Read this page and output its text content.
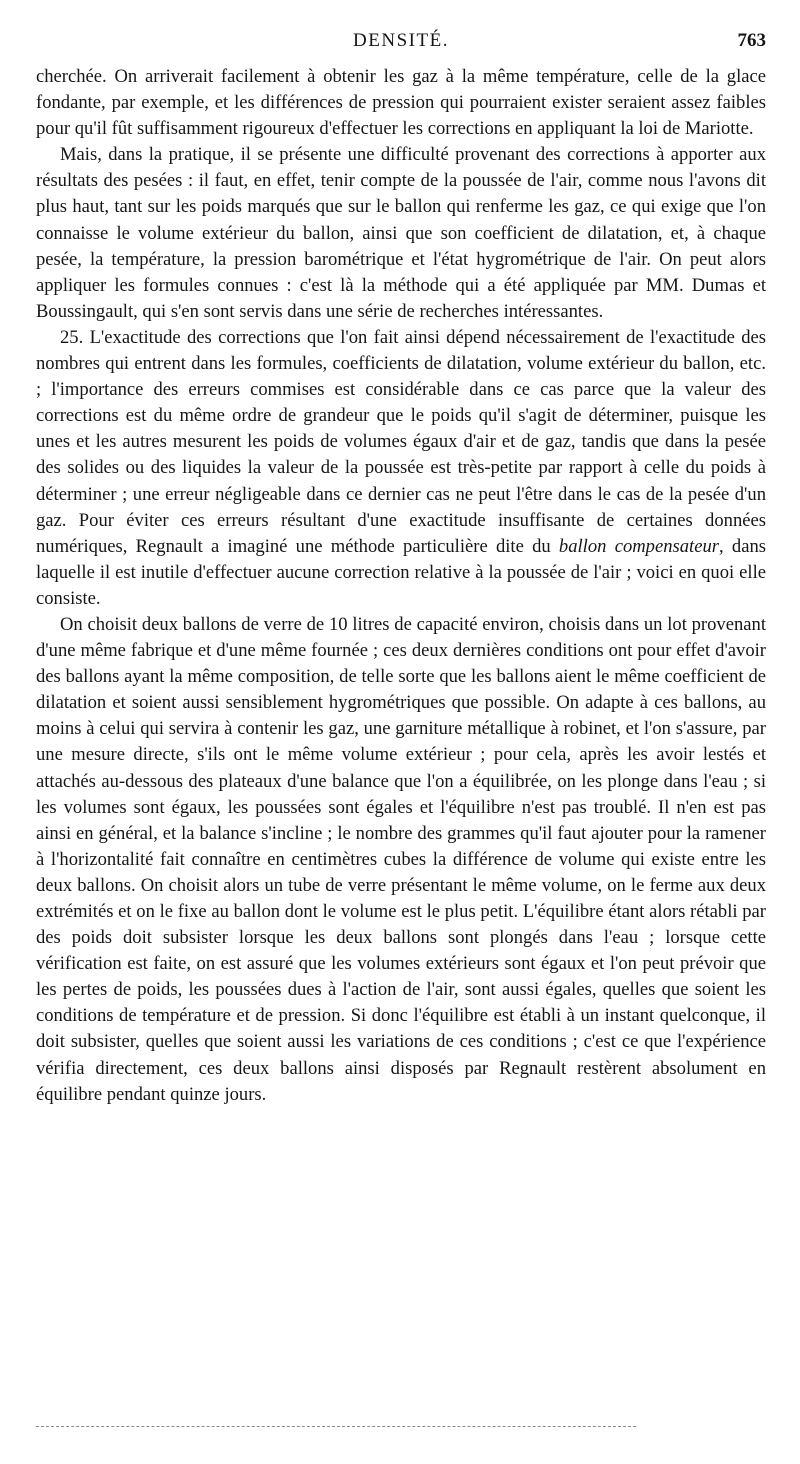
DENSITÉ.	763

cherchée. On arriverait facilement à obtenir les gaz à la même température, celle de la glace fondante, par exemple, et les différences de pression qui pourraient exister seraient assez faibles pour qu'il fût suffisamment rigoureux d'effectuer les corrections en appliquant la loi de Mariotte.

Mais, dans la pratique, il se présente une difficulté provenant des corrections à apporter aux résultats des pesées : il faut, en effet, tenir compte de la poussée de l'air, comme nous l'avons dit plus haut, tant sur les poids marqués que sur le ballon qui renferme les gaz, ce qui exige que l'on connaisse le volume extérieur du ballon, ainsi que son coefficient de dilatation, et, à chaque pesée, la température, la pression barométrique et l'état hygrométrique de l'air. On peut alors appliquer les formules connues : c'est là la méthode qui a été appliquée par MM. Dumas et Boussingault, qui s'en sont servis dans une série de recherches intéressantes.

25. L'exactitude des corrections que l'on fait ainsi dépend nécessairement de l'exactitude des nombres qui entrent dans les formules, coefficients de dilatation, volume extérieur du ballon, etc. ; l'importance des erreurs commises est considérable dans ce cas parce que la valeur des corrections est du même ordre de grandeur que le poids qu'il s'agit de déterminer, puisque les unes et les autres mesurent les poids de volumes égaux d'air et de gaz, tandis que dans la pesée des solides ou des liquides la valeur de la poussée est très-petite par rapport à celle du poids à déterminer ; une erreur négligeable dans ce dernier cas ne peut l'être dans le cas de la pesée d'un gaz. Pour éviter ces erreurs résultant d'une exactitude insuffisante de certaines données numériques, Regnault a imaginé une méthode particulière dite du ballon compensateur, dans laquelle il est inutile d'effectuer aucune correction relative à la poussée de l'air ; voici en quoi elle consiste.

On choisit deux ballons de verre de 10 litres de capacité environ, choisis dans un lot provenant d'une même fabrique et d'une même fournée ; ces deux dernières conditions ont pour effet d'avoir des ballons ayant la même composition, de telle sorte que les ballons aient le même coefficient de dilatation et soient aussi sensiblement hygrométriques que possible. On adapte à ces ballons, au moins à celui qui servira à contenir les gaz, une garniture métallique à robinet, et l'on s'assure, par une mesure directe, s'ils ont le même volume extérieur ; pour cela, après les avoir lestés et attachés au-dessous des plateaux d'une balance que l'on a équilibrée, on les plonge dans l'eau ; si les volumes sont égaux, les poussées sont égales et l'équilibre n'est pas troublé. Il n'en est pas ainsi en général, et la balance s'incline ; le nombre des grammes qu'il faut ajouter pour la ramener à l'horizontalité fait connaître en centimètres cubes la différence de volume qui existe entre les deux ballons. On choisit alors un tube de verre présentant le même volume, on le ferme aux deux extrémités et on le fixe au ballon dont le volume est le plus petit. L'équilibre étant alors rétabli par des poids doit subsister lorsque les deux ballons sont plongés dans l'eau ; lorsque cette vérification est faite, on est assuré que les volumes extérieurs sont égaux et l'on peut prévoir que les pertes de poids, les poussées dues à l'action de l'air, sont aussi égales, quelles que soient les conditions de température et de pression. Si donc l'équilibre est établi à un instant quelconque, il doit subsister, quelles que soient aussi les variations de ces conditions ; c'est ce que l'expérience vérifia directement, ces deux ballons ainsi disposés par Regnault restèrent absolument en équilibre pendant quinze jours.
